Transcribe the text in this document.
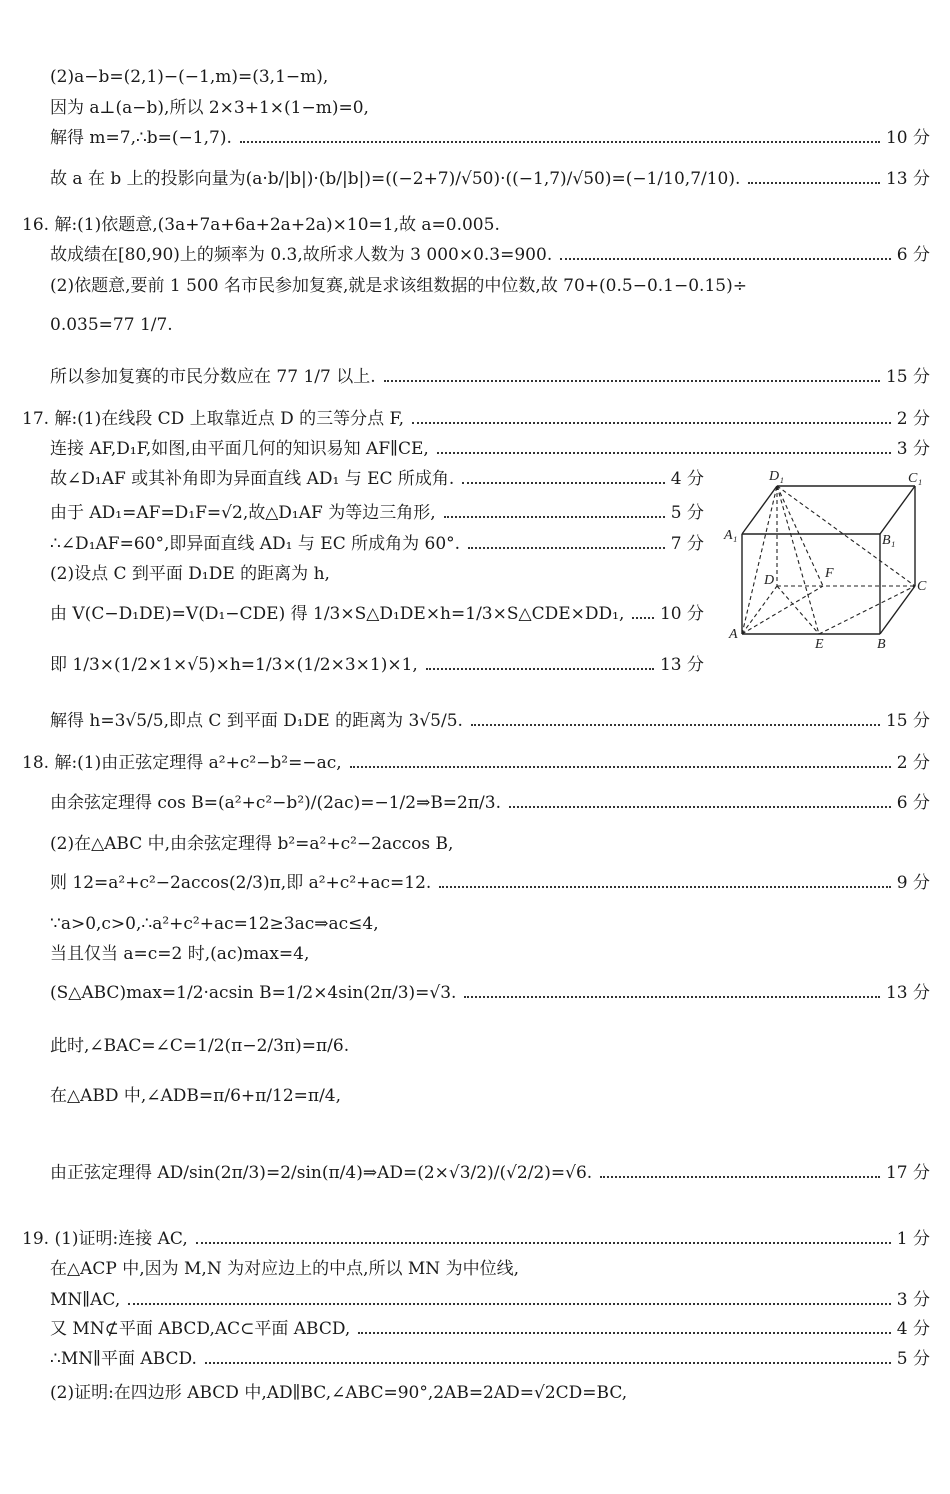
(2)a−b=(2,1)−(−1,m)=(3,1−m),
因为 a⊥(a−b),所以 2×3+1×(1−m)=0,
解得 m=7,∴b=(−1,7).	10 分
故 a 在 b 上的投影向量为(a·b/|b|)·(b/|b|)=((−2+7)/√50)·((−1,7)/√50)=(−1/10,7/10).	13 分
16. 解:(1)依题意,(3a+7a+6a+2a+2a)×10=1,故 a=0.005.
故成绩在[80,90)上的频率为 0.3,故所求人数为 3 000×0.3=900.	6 分
(2)依题意,要前 1 500 名市民参加复赛,就是求该组数据的中位数,故 70+(0.5−0.1−0.15)÷
0.035=77 1/7.
所以参加复赛的市民分数应在 77 1/7 以上.	15 分
17. 解:(1)在线段 CD 上取靠近点 D 的三等分点 F,	2 分
连接 AF,D₁F,如图,由平面几何的知识易知 AF∥CE,	3 分
故∠D₁AF 或其补角即为异面直线 AD₁ 与 EC 所成角.	4 分
由于 AD₁=AF=D₁F=√2,故△D₁AF 为等边三角形,	5 分
∴∠D₁AF=60°,即异面直线 AD₁ 与 EC 所成角为 60°.	7 分
(2)设点 C 到平面 D₁DE 的距离为 h,
由 V(C−D₁DE)=V(D₁−CDE) 得 1/3×S△D₁DE×h=1/3×S△CDE×DD₁, 10 分
即 1/3×(1/2×1×√5)×h=1/3×(1/2×3×1)×1,	13 分
解得 h=3√5/5,即点 C 到平面 D₁DE 的距离为 3√5/5.	15 分
D₁	C₁
A₁	B₁
D	F
C
A
E	B
18. 解:(1)由正弦定理得 a²+c²−b²=−ac,	2 分
由余弦定理得 cos B=(a²+c²−b²)/(2ac)=−1/2⇒B=2π/3.	6 分
(2)在△ABC 中,由余弦定理得 b²=a²+c²−2accos B,
则 12=a²+c²−2accos(2/3)π,即 a²+c²+ac=12.	9 分
∵a>0,c>0,∴a²+c²+ac=12≥3ac⇒ac≤4,
当且仅当 a=c=2 时,(ac)max=4,
(S△ABC)max=1/2·acsin B=1/2×4sin(2π/3)=√3.	13 分
此时,∠BAC=∠C=1/2(π−2/3π)=π/6.
在△ABD 中,∠ADB=π/6+π/12=π/4,
由正弦定理得 AD/sin(2π/3)=2/sin(π/4)⇒AD=(2×√3/2)/(√2/2)=√6.	17 分
19. (1)证明:连接 AC,	1 分
在△ACP 中,因为 M,N 为对应边上的中点,所以 MN 为中位线,
MN∥AC,	3 分
又 MN⊄平面 ABCD,AC⊂平面 ABCD,	4 分
∴MN∥平面 ABCD.	5 分
(2)证明:在四边形 ABCD 中,AD∥BC,∠ABC=90°,2AB=2AD=√2CD=BC,
